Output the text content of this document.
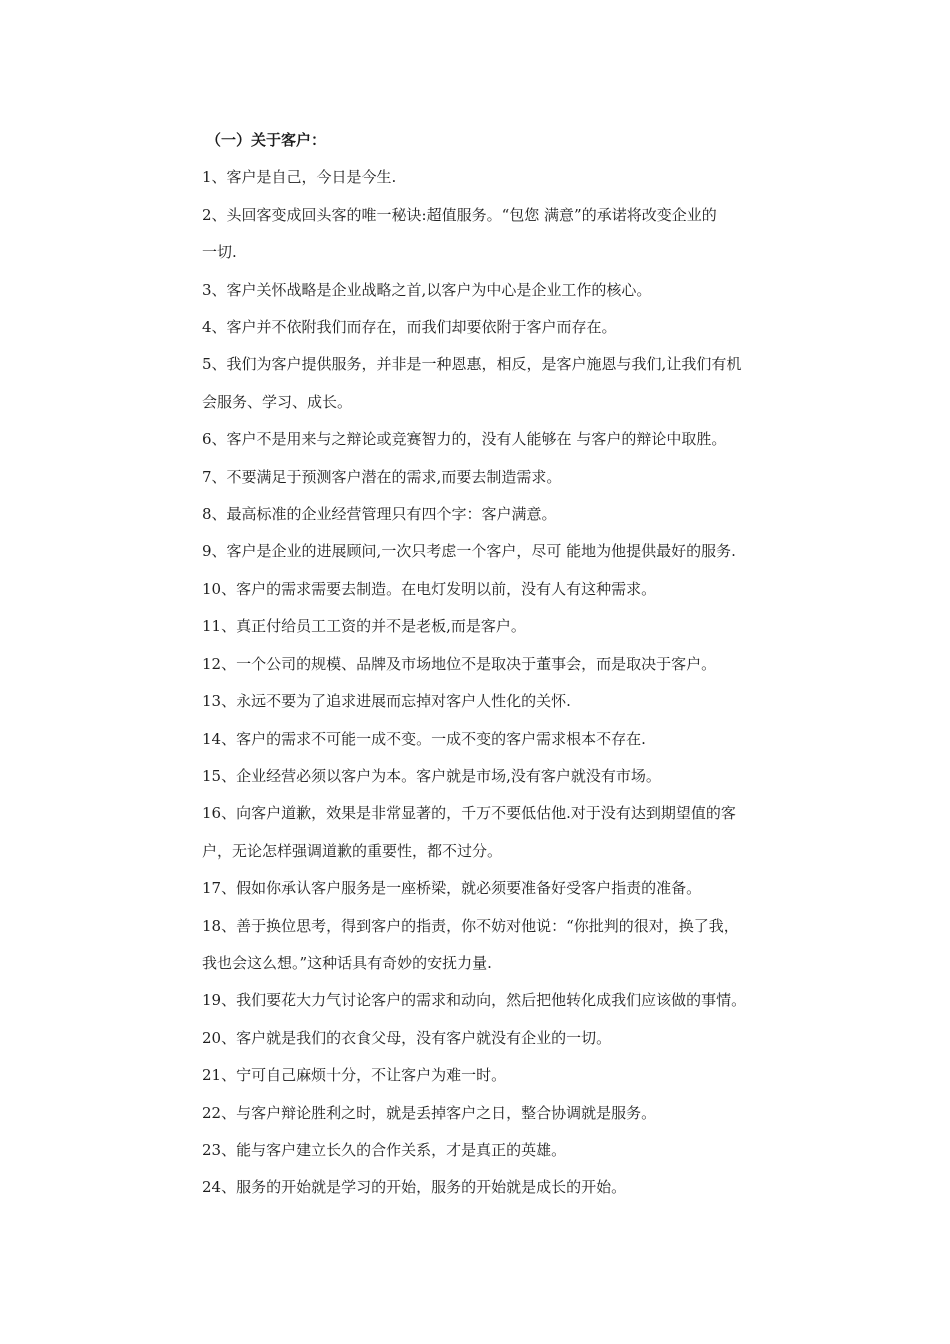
（一）关于客户：
1、客户是自己，今日是今生.
2、头回客变成回头客的唯一秘诀:超值服务。“包您 满意”的承诺将改变企业的
一切.
3、客户关怀战略是企业战略之首,以客户为中心是企业工作的核心。
4、客户并不依附我们而存在，而我们却要依附于客户而存在。
5、我们为客户提供服务，并非是一种恩惠，相反，是客户施恩与我们,让我们有机
会服务、学习、成长。
6、客户不是用来与之辩论或竞赛智力的，没有人能够在 与客户的辩论中取胜。
7、不要满足于预测客户潜在的需求,而要去制造需求。
8、最高标准的企业经营管理只有四个字：客户满意。
9、客户是企业的进展顾问,一次只考虑一个客户，尽可 能地为他提供最好的服务.
10、客户的需求需要去制造。在电灯发明以前，没有人有这种需求。
11、真正付给员工工资的并不是老板,而是客户。
12、一个公司的规模、品牌及市场地位不是取决于董事会，而是取决于客户。
13、永远不要为了追求进展而忘掉对客户人性化的关怀.
14、客户的需求不可能一成不变。一成不变的客户需求根本不存在.
15、企业经营必须以客户为本。客户就是市场,没有客户就没有市场。
16、向客户道歉，效果是非常显著的，千万不要低估他.对于没有达到期望值的客
户，无论怎样强调道歉的重要性，都不过分。
17、假如你承认客户服务是一座桥梁，就必须要准备好受客户指责的准备。
18、善于换位思考，得到客户的指责，你不妨对他说：“你批判的很对，换了我，
我也会这么想。”这种话具有奇妙的安抚力量.
19、我们要花大力气讨论客户的需求和动向，然后把他转化成我们应该做的事情。
20、客户就是我们的衣食父母，没有客户就没有企业的一切。
21、宁可自己麻烦十分，不让客户为难一时。
22、与客户辩论胜利之时，就是丢掉客户之日，整合协调就是服务。
23、能与客户建立长久的合作关系，才是真正的英雄。
24、服务的开始就是学习的开始，服务的开始就是成长的开始。
